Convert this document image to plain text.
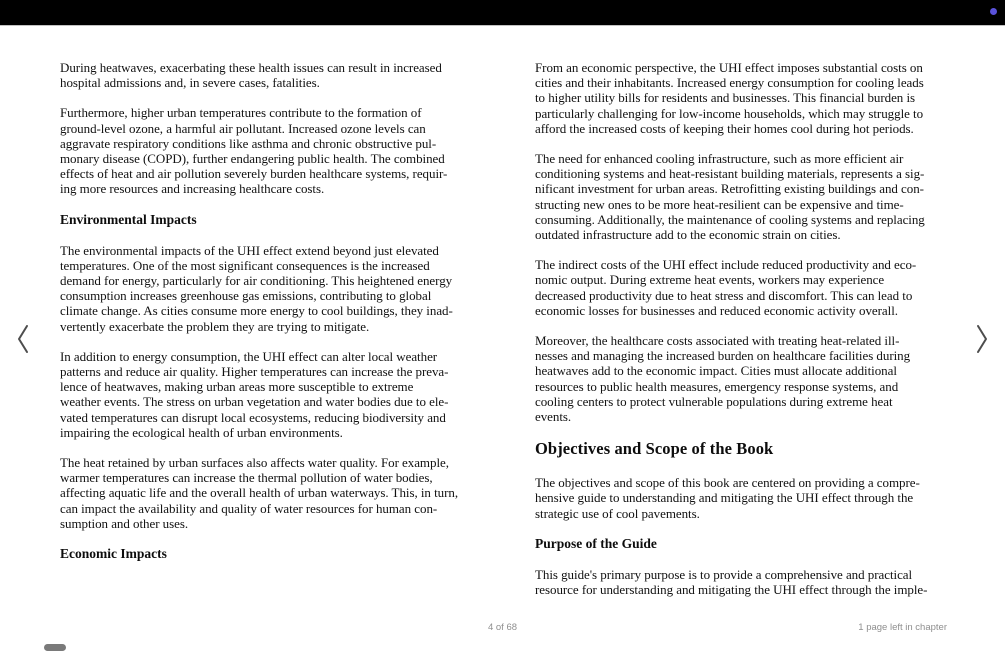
During heatwaves, exacerbating these health issues can result in increased
hospital admissions and, in severe cases, fatalities.
Furthermore, higher urban temperatures contribute to the formation of
ground-level ozone, a harmful air pollutant. Increased ozone levels can
aggravate respiratory conditions like asthma and chronic obstructive pul-
monary disease (COPD), further endangering public health. The combined
effects of heat and air pollution severely burden healthcare systems, requir-
ing more resources and increasing healthcare costs.
Environmental Impacts
The environmental impacts of the UHI effect extend beyond just elevated
temperatures. One of the most significant consequences is the increased
demand for energy, particularly for air conditioning. This heightened energy
consumption increases greenhouse gas emissions, contributing to global
climate change. As cities consume more energy to cool buildings, they inad-
vertently exacerbate the problem they are trying to mitigate.
In addition to energy consumption, the UHI effect can alter local weather
patterns and reduce air quality. Higher temperatures can increase the preva-
lence of heatwaves, making urban areas more susceptible to extreme
weather events. The stress on urban vegetation and water bodies due to ele-
vated temperatures can disrupt local ecosystems, reducing biodiversity and
impairing the ecological health of urban environments.
The heat retained by urban surfaces also affects water quality. For example,
warmer temperatures can increase the thermal pollution of water bodies,
affecting aquatic life and the overall health of urban waterways. This, in turn,
can impact the availability and quality of water resources for human con-
sumption and other uses.
Economic Impacts
From an economic perspective, the UHI effect imposes substantial costs on
cities and their inhabitants. Increased energy consumption for cooling leads
to higher utility bills for residents and businesses. This financial burden is
particularly challenging for low-income households, which may struggle to
afford the increased costs of keeping their homes cool during hot periods.
The need for enhanced cooling infrastructure, such as more efficient air
conditioning systems and heat-resistant building materials, represents a sig-
nificant investment for urban areas. Retrofitting existing buildings and con-
structing new ones to be more heat-resilient can be expensive and time-
consuming. Additionally, the maintenance of cooling systems and replacing
outdated infrastructure add to the economic strain on cities.
The indirect costs of the UHI effect include reduced productivity and eco-
nomic output. During extreme heat events, workers may experience
decreased productivity due to heat stress and discomfort. This can lead to
economic losses for businesses and reduced economic activity overall.
Moreover, the healthcare costs associated with treating heat-related ill-
nesses and managing the increased burden on healthcare facilities during
heatwaves add to the economic impact. Cities must allocate additional
resources to public health measures, emergency response systems, and
cooling centers to protect vulnerable populations during extreme heat
events.
Objectives and Scope of the Book
The objectives and scope of this book are centered on providing a compre-
hensive guide to understanding and mitigating the UHI effect through the
strategic use of cool pavements.
Purpose of the Guide
This guide's primary purpose is to provide a comprehensive and practical
resource for understanding and mitigating the UHI effect through the imple-
4 of 68	1 page left in chapter
